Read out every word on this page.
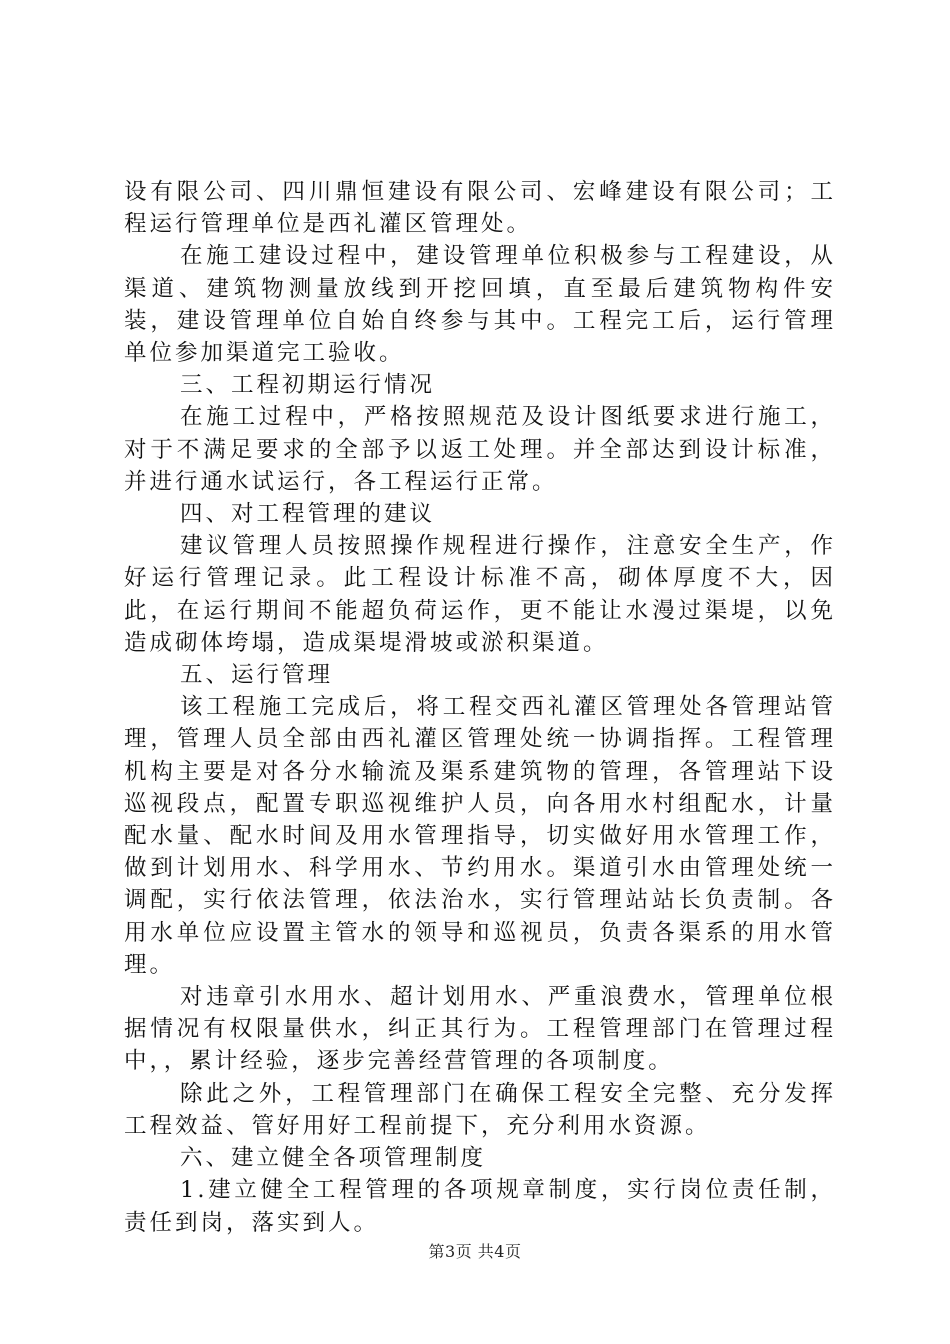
设有限公司、四川鼎恒建设有限公司、宏峰建设有限公司；工程运行管理单位是西礼灌区管理处。

在施工建设过程中，建设管理单位积极参与工程建设，从渠道、建筑物测量放线到开挖回填，直至最后建筑物构件安装，建设管理单位自始自终参与其中。工程完工后，运行管理单位参加渠道完工验收。

三、工程初期运行情况

在施工过程中，严格按照规范及设计图纸要求进行施工，对于不满足要求的全部予以返工处理。并全部达到设计标准，并进行通水试运行，各工程运行正常。

四、对工程管理的建议

建议管理人员按照操作规程进行操作，注意安全生产，作好运行管理记录。此工程设计标准不高，砌体厚度不大，因此，在运行期间不能超负荷运作，更不能让水漫过渠堤，以免造成砌体垮塌，造成渠堤滑坡或淤积渠道。

五、运行管理

该工程施工完成后，将工程交西礼灌区管理处各管理站管理，管理人员全部由西礼灌区管理处统一协调指挥。工程管理机构主要是对各分水输流及渠系建筑物的管理，各管理站下设巡视段点，配置专职巡视维护人员，向各用水村组配水，计量配水量、配水时间及用水管理指导，切实做好用水管理工作，做到计划用水、科学用水、节约用水。渠道引水由管理处统一调配，实行依法管理，依法治水，实行管理站站长负责制。各用水单位应设置主管水的领导和巡视员，负责各渠系的用水管理。

对违章引水用水、超计划用水、严重浪费水，管理单位根据情况有权限量供水，纠正其行为。工程管理部门在管理过程中，，累计经验，逐步完善经营管理的各项制度。

除此之外，工程管理部门在确保工程安全完整、充分发挥工程效益、管好用好工程前提下，充分利用水资源。

六、建立健全各项管理制度

1.建立健全工程管理的各项规章制度，实行岗位责任制，责任到岗，落实到人。

第3页 共4页
